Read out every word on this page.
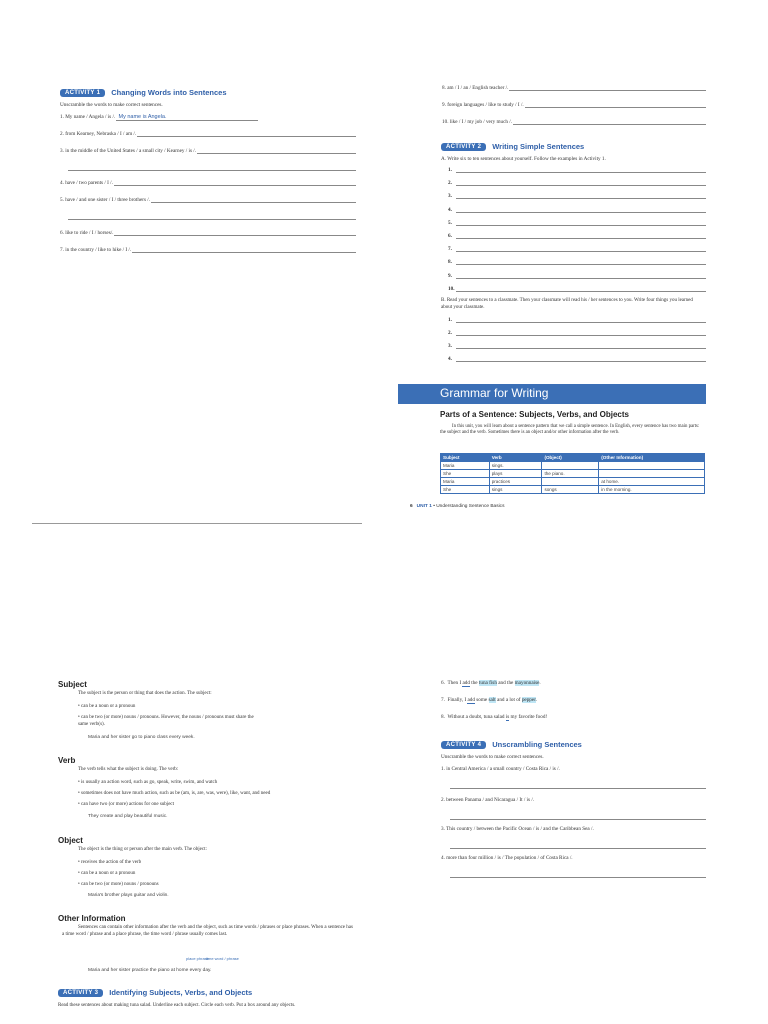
ACTIVITY 1	Changing Words into Sentences
Unscramble the words to make correct sentences.
1. My name / Angela / is /. My name is Angela.
2. from Kearney, Nebraska / I / am /.
3. in the middle of the United States / a small city / Kearney / is /.
4. have / two parents / I /.
5. have / and one sister / I / three brothers /.
6. like to ride / I / horses/.
7. in the country / like to hike / I /.
8. am / I / an / English teacher /.
9. foreign languages / like to study / I /.
10. like / I / my job / very much /.
ACTIVITY 2	Writing Simple Sentences
A. Write six to ten sentences about yourself. Follow the examples in Activity 1.
1.
2.
3.
4.
5.
6.
7.
8.
9.
10.
B. Read your sentences to a classmate. Then your classmate will read his / her sentences to you. Write four things you learned about your classmate.
1.
2.
3.
4.
Grammar for Writing
Parts of a Sentence: Subjects, Verbs, and Objects
In this unit, you will learn about a sentence pattern that we call a simple sentence. In English, every sentence has two main parts: the subject and the verb. Sometimes there is an object and/or other information after the verb.
Subject	Verb	(Object)	(Other Information)
Maria	sings.		
She	plays	the piano.	
Maria	practices		at home.
She	sings	songs	in the morning.
6 UNIT 1 • Understanding Sentence Basics
Subject
The subject is the person or thing that does the action. The subject:
• can be a noun or a pronoun
• can be two (or more) nouns / pronouns. However, the nouns / pronouns must share the
same verb(s).
Maria and her sister go to piano class every week.
Verb
The verb tells what the subject is doing. The verb:
• is usually an action word, such as go, speak, write, swim, and watch
• sometimes does not have much action, such as be (am, is, are, was, were), like, want, and need
• can have two (or more) actions for one subject
They create and play beautiful music.
Object
The object is the thing or person after the main verb. The object:
• receives the action of the verb
• can be a noun or a pronoun
• can be two (or more) nouns / pronouns
Maria's brother plays guitar and violin.
Other Information
Sentences can contain other information after the verb and the object, such as time words / phrases or place phrases. When a sentence has a time word / phrase and a place phrase, the time word / phrase usually comes last.
place phrase
time word / phrase
Maria and her sister practice the piano at home every day.
ACTIVITY 3	Identifying Subjects, Verbs, and Objects
Read these sentences about making tuna salad. Underline each subject. Circle each verb. Put a box around any objects.
6.  Then I add the tuna fish and the mayonnaise.
7.  Finally, I add some salt and a lot of pepper.
8.  Without a doubt, tuna salad is my favorite food!
ACTIVITY 4	Unscrambling Sentences
Unscramble the words to make correct sentences.
1. in Central America / a small country / Costa Rica / is /.
2. between Panama / and Nicaragua / It / is /.
3. This country / between the Pacific Ocean / is / and the Caribbean Sea /.
4. more than four million / is / The population / of Costa Rica /.
